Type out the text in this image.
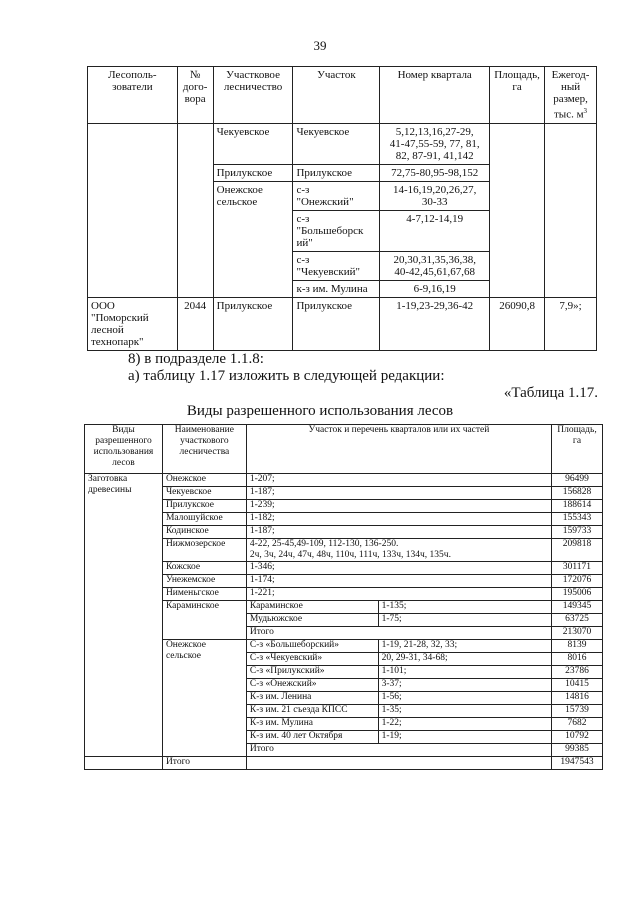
39
Лесополь-
зователи	№
дого-
вора	Участковое
лесничество	Участок	Номер квартала	Площадь,
га	Ежегод-
ный
размер,
тыс. $м^3$
		Чекуевское	Чекуевское	5,12,13,16,27-29,
41-47,55-59, 77, 81,
82, 87-91, 41,142		
		Прилукское	Прилукское	72,75-80,95-98,152		
		Онежское
сельское	с-з
"Онежский"	14-16,19,20,26,27,
30-33		
			с-з
"Большеборск
ий"	4-7,12-14,19		
			с-з
"Чекуевский"	20,30,31,35,36,38,
40-42,45,61,67,68		
			к-з им. Мулина	6-9,16,19		
ООО
"Поморский
лесной
технопарк"	2044	Прилукское	Прилукское	1-19,23-29,36-42	26090,8	7,9»;
8) в подразделе 1.1.8:
а) таблицу 1.17 изложить в следующей редакции:
«Таблица 1.17.
Виды разрешенного использования лесов
Виды
разрешенного
использования
лесов	Наименование
участкового
лесничества	Участок и перечень кварталов или их частей		Площадь, га
Заготовка
древесины	Онежское	1-207;		96499
	Чекуевское	1-187;		156828
	Прилукское	1-239;		188614
	Малошуйское	1-182;		155343
	Кодинское	1-187;		159733
	Нижмозерское	4-22, 25-45,49-109, 112-130, 136-250.
2ч, 3ч, 24ч, 47ч, 48ч, 110ч, 111ч, 133ч, 134ч, 135ч.		209818
	Кожское	1-346;		301171
	Унежемское	1-174;		172076
	Нименьгское	1-221;		195006
	Караминское	Караминское	1-135;	149345
		Мудьюжское	1-75;	63725
		Итого		213070
	Онежское
сельское	С-з «Большеборский»	1-19, 21-28, 32, 33;	8139
		С-з «Чекуевский»	20, 29-31, 34-68;	8016
		С-з «Прилукский»	1-101;	23786
		С-з «Онежский»	3-37;	10415
		К-з им. Ленина	1-56;	14816
		К-з им. 21 съезда КПСС	1-35;	15739
		К-з им. Мулина	1-22;	7682
		К-з им. 40 лет Октября	1-19;	10792
		Итого		99385
	Итого			1947543
